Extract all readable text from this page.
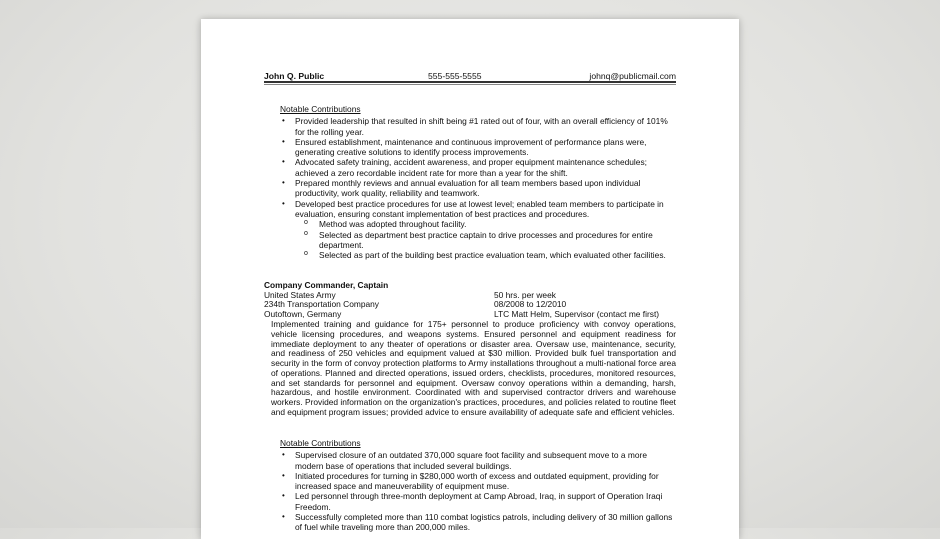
John Q. Public	555-555-5555	johnq@publicmail.com
Notable Contributions
• Provided leadership that resulted in shift being #1 rated out of four, with an overall efficiency of 101% for the rolling year.
• Ensured establishment, maintenance and continuous improvement of performance plans were, generating creative solutions to identify process improvements.
• Advocated safety training, accident awareness, and proper equipment maintenance schedules; achieved a zero recordable incident rate for more than a year for the shift.
• Prepared monthly reviews and annual evaluation for all team members based upon individual productivity, work quality, reliability and teamwork.
• Developed best practice procedures for use at lowest level; enabled team members to participate in evaluation, ensuring constant implementation of best practices and procedures.
o Method was adopted throughout facility.
o Selected as department best practice captain to drive processes and procedures for entire department.
o Selected as part of the building best practice evaluation team, which evaluated other facilities.
Company Commander, Captain
United States Army	50 hrs. per week
234th Transportation Company	08/2008 to 12/2010
Outoftown, Germany	LTC Matt Helm, Supervisor (contact me first)
Implemented training and guidance for 175+ personnel to produce proficiency with convoy operations, vehicle licensing procedures, and weapons systems. Ensured personnel and equipment readiness for immediate deployment to any theater of operations or disaster area. Oversaw use, maintenance, security, and readiness of 250 vehicles and equipment valued at $30 million. Provided bulk fuel transportation and security in the form of convoy protection platforms to Army installations throughout a multi-national force area of operations. Planned and directed operations, issued orders, checklists, procedures, monitored resources, and set standards for personnel and equipment. Oversaw convoy operations within a demanding, harsh, hazardous, and hostile environment. Coordinated with and supervised contractor drivers and warehouse workers. Provided information on the organization's practices, procedures, and policies related to routine fleet and equipment program issues; provided advice to ensure availability of adequate safe and efficient vehicles.
Notable Contributions
• Supervised closure of an outdated 370,000 square foot facility and subsequent move to a more modern base of operations that included several buildings.
• Initiated procedures for turning in $280,000 worth of excess and outdated equipment, providing for increased space and maneuverability of equipment muse.
• Led personnel through three-month deployment at Camp Abroad, Iraq, in support of Operation Iraqi Freedom.
• Successfully completed more than 110 combat logistics patrols, including delivery of 30 million gallons of fuel while traveling more than 200,000 miles.
